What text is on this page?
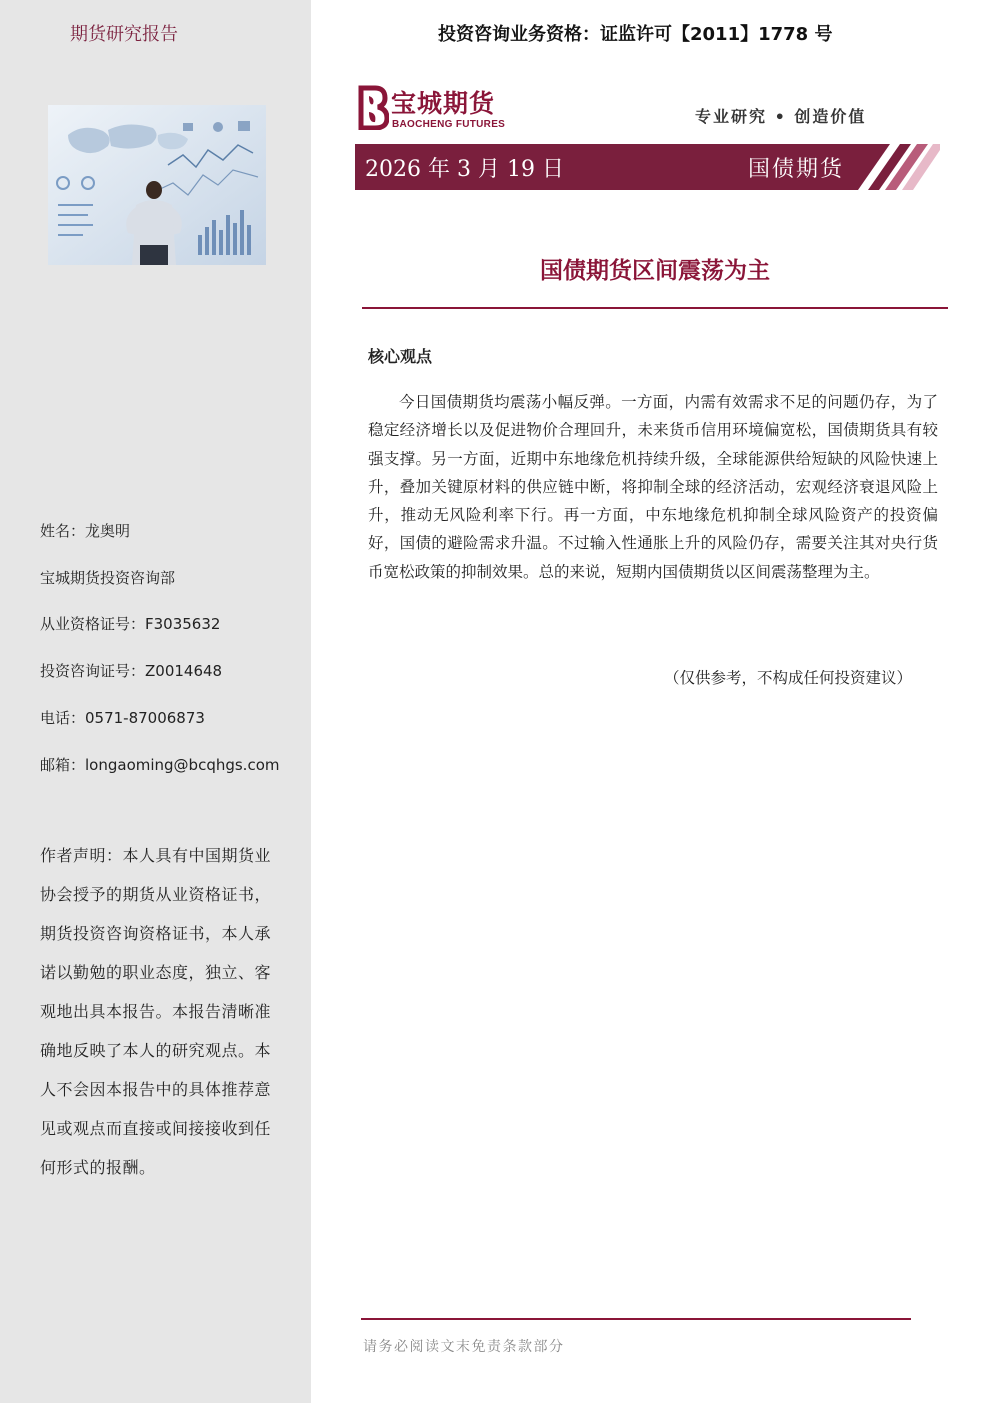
期货研究报告
姓名：龙奥明
宝城期货投资咨询部
从业资格证号：F3035632
投资咨询证号：Z0014648
电话：0571-87006873
邮箱：longaoming@bcqhgs.com
作者声明：本人具有中国期货业协会授予的期货从业资格证书，期货投资咨询资格证书，本人承诺以勤勉的职业态度，独立、客观地出具本报告。本报告清晰准确地反映了本人的研究观点。本人不会因本报告中的具体推荐意见或观点而直接或间接接收到任何形式的报酬。
投资咨询业务资格：证监许可【2011】1778 号
宝城期货
BAOCHENG FUTURES	专业研究 • 创造价值
2026 年 3 月 19 日	国债期货
国债期货区间震荡为主
核心观点

今日国债期货均震荡小幅反弹。一方面，内需有效需求不足的问题仍存，为了稳定经济增长以及促进物价合理回升，未来货币信用环境偏宽松，国债期货具有较强支撑。另一方面，近期中东地缘危机持续升级，全球能源供给短缺的风险快速上升，叠加关键原材料的供应链中断，将抑制全球的经济活动，宏观经济衰退风险上升，推动无风险利率下行。再一方面，中东地缘危机抑制全球风险资产的投资偏好，国债的避险需求升温。不过输入性通胀上升的风险仍存，需要关注其对央行货币宽松政策的抑制效果。总的来说，短期内国债期货以区间震荡整理为主。

（仅供参考，不构成任何投资建议）
请务必阅读文末免责条款部分
